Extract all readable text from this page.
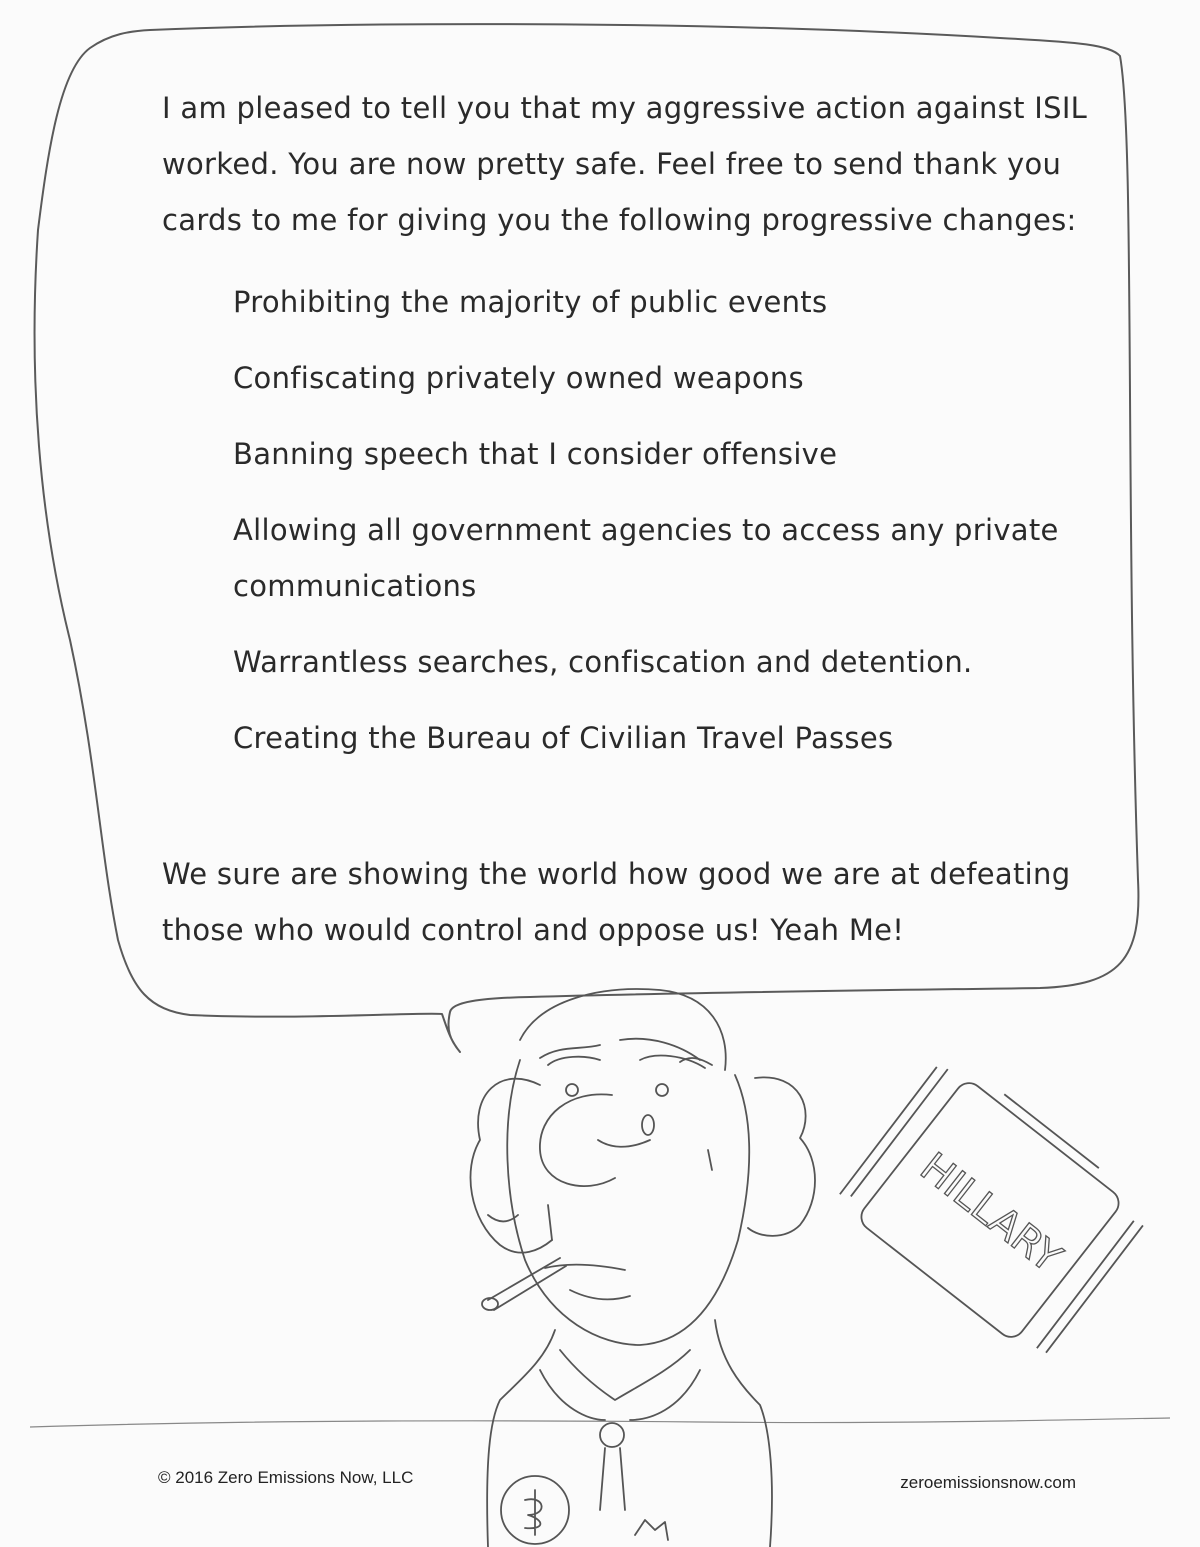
HILLARY
I am pleased to tell you that my aggressive action against ISIL
worked. You are now pretty safe. Feel free to send thank you
cards to me for giving you the following progressive changes:
Prohibiting the majority of public events
Confiscating privately owned weapons
Banning speech that I consider offensive
Allowing all government agencies to access any private
communications
Warrantless searches, confiscation and detention.
Creating the Bureau of Civilian Travel Passes
We sure are showing the world how good we are at defeating
those who would control and oppose us! Yeah Me!

© 2016 Zero Emissions Now, LLC	zeroemissionsnow.com
